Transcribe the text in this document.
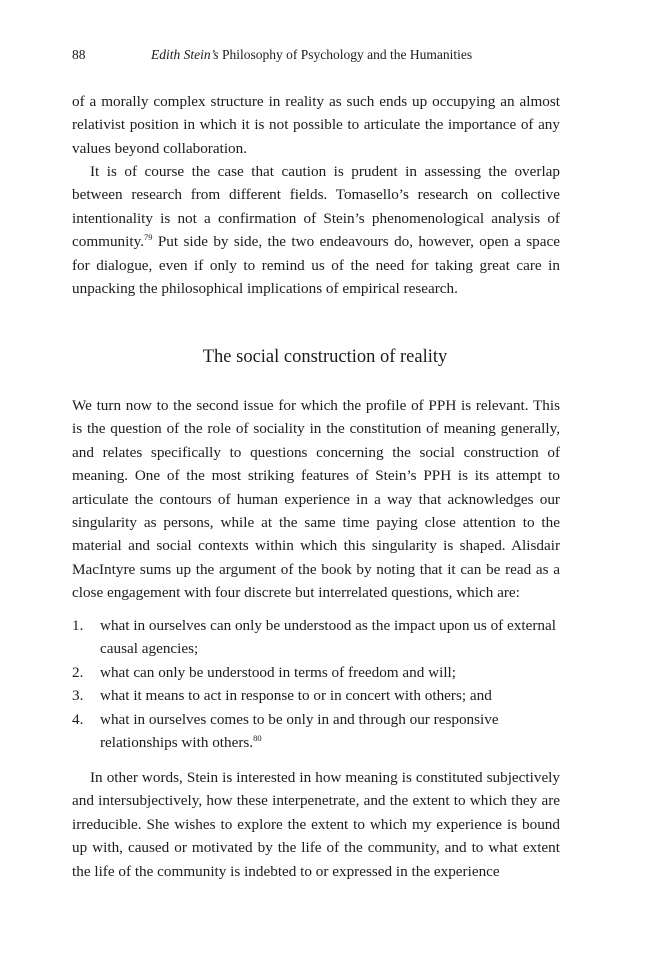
88	Edith Stein’s Philosophy of Psychology and the Humanities

of a morally complex structure in reality as such ends up occupying an almost relativist position in which it is not possible to articulate the importance of any values beyond collaboration.

It is of course the case that caution is prudent in assessing the overlap between research from different fields. Tomasello’s research on collective intentionality is not a confirmation of Stein’s phenomenological analysis of community.$^{79}$ Put side by side, the two endeavours do, however, open a space for dialogue, even if only to remind us of the need for taking great care in unpacking the philosophical implications of empirical research.

The social construction of reality

We turn now to the second issue for which the profile of PPH is relevant. This is the question of the role of sociality in the constitution of meaning generally, and relates specifically to questions concerning the social construction of meaning. One of the most striking features of Stein’s PPH is its attempt to articulate the contours of human experience in a way that acknowledges our singularity as persons, while at the same time paying close attention to the material and social contexts within which this singularity is shaped. Alisdair MacIntyre sums up the argument of the book by noting that it can be read as a close engagement with four discrete but interrelated questions, which are:

1. what in ourselves can only be understood as the impact upon us of external causal agencies;
2. what can only be understood in terms of freedom and will;
3. what it means to act in response to or in concert with others; and
4. what in ourselves comes to be only in and through our responsive relationships with others.$^{80}$

In other words, Stein is interested in how meaning is constituted subjectively and intersubjectively, how these interpenetrate, and the extent to which they are irreducible. She wishes to explore the extent to which my experience is bound up with, caused or motivated by the life of the community, and to what extent the life of the community is indebted to or expressed in the experience
